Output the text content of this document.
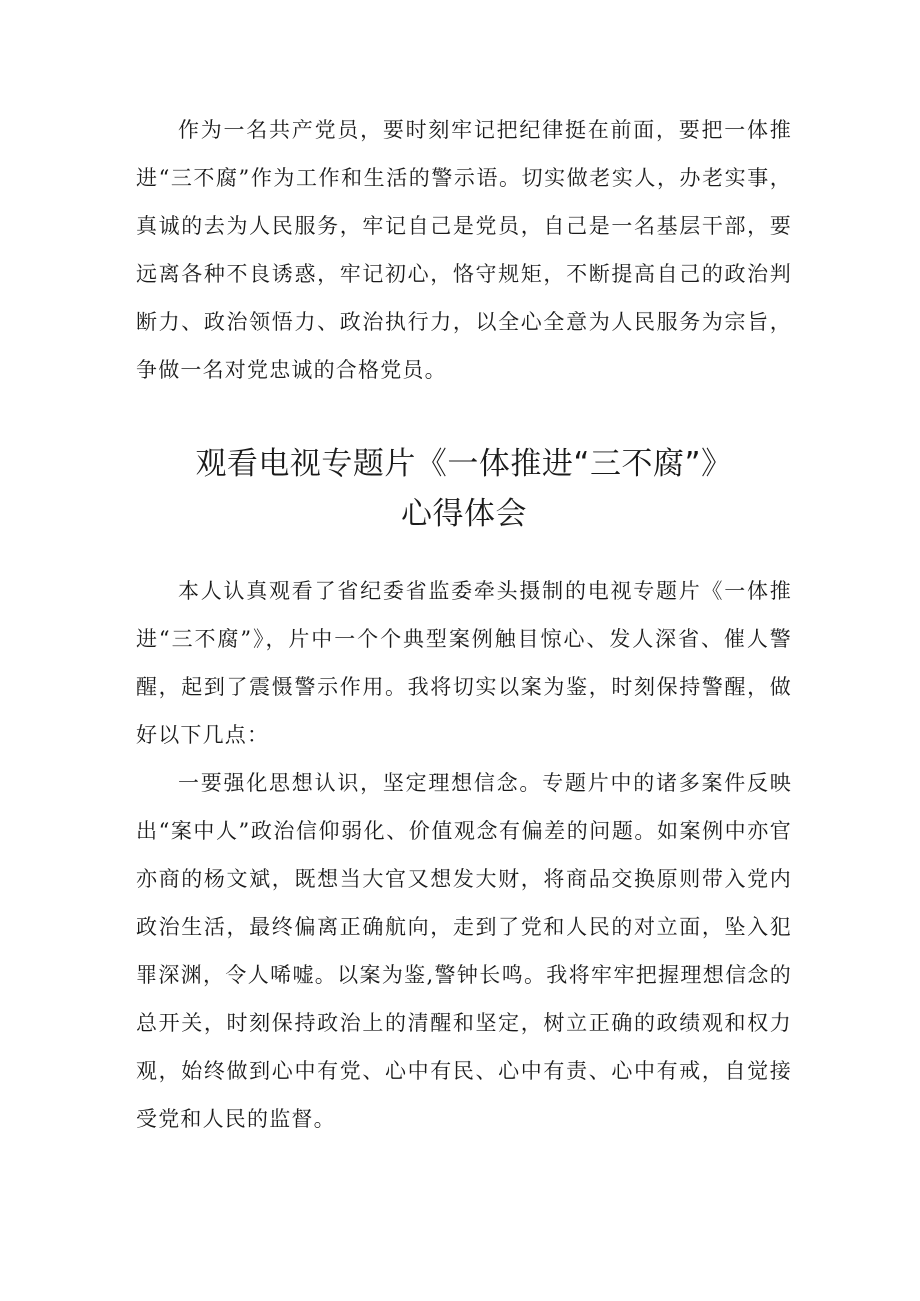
作为一名共产党员，要时刻牢记把纪律挺在前面，要把一体推进“三不腐”作为工作和生活的警示语。切实做老实人，办老实事，真诚的去为人民服务，牢记自己是党员，自己是一名基层干部，要远离各种不良诱惑，牢记初心，恪守规矩，不断提高自己的政治判断力、政治领悟力、政治执行力，以全心全意为人民服务为宗旨，争做一名对党忠诚的合格党员。

观看电视专题片《一体推进“三不腐”》
心得体会

本人认真观看了省纪委省监委牵头摄制的电视专题片《一体推进“三不腐”》，片中一个个典型案例触目惊心、发人深省、催人警醒，起到了震慑警示作用。我将切实以案为鉴，时刻保持警醒，做好以下几点：

一要强化思想认识，坚定理想信念。专题片中的诸多案件反映出“案中人”政治信仰弱化、价值观念有偏差的问题。如案例中亦官亦商的杨文斌，既想当大官又想发大财，将商品交换原则带入党内政治生活，最终偏离正确航向，走到了党和人民的对立面，坠入犯罪深渊，令人唏嘘。以案为鉴,警钟长鸣。我将牢牢把握理想信念的总开关，时刻保持政治上的清醒和坚定，树立正确的政绩观和权力观，始终做到心中有党、心中有民、心中有责、心中有戒，自觉接受党和人民的监督。
